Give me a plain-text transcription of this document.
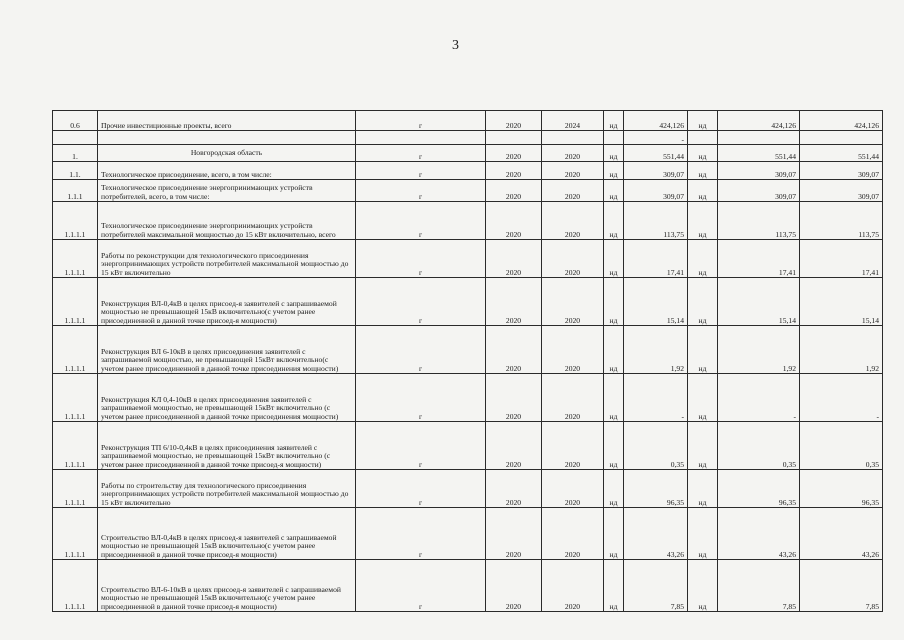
3
0.6	Прочие инвестиционные проекты, всего	г	2020	2024	нд	424,126	нд	424,126	424,126
						-			
1.	Новгородская область	г	2020	2020	нд	551,44	нд	551,44	551,44
1.1.	Технологическое присоединение, всего, в том числе:	г	2020	2020	нд	309,07	нд	309,07	309,07
1.1.1	Технологическое присоединение энергопринимающих устройств потребителей, всего, в том числе:	г	2020	2020	нд	309,07	нд	309,07	309,07
1.1.1.1	Технологическое присоединение энергопринимающих устройств потребителей максимальной мощностью до 15 кВт включительно, всего	г	2020	2020	нд	113,75	нд	113,75	113,75
1.1.1.1	Работы по реконструкции для технологического присоединения энергопринимающих устройств потребителей максимальной мощностью до 15 кВт включительно	г	2020	2020	нд	17,41	нд	17,41	17,41
1.1.1.1	Реконструкция ВЛ-0,4кВ в целях присоед-я заявителей с запрашиваемой мощностью не превышающей 15кВ включительно(с учетом ранее присоединенной в данной точке присоед-я мощности)	г	2020	2020	нд	15,14	нд	15,14	15,14
1.1.1.1	Реконструкция ВЛ 6-10кВ в целях присоединения заявителей с запрашиваемой мощностью, не превышающей 15кВт включительно(с учетом ранее присоединенной в данной точке присоединения мощности)	г	2020	2020	нд	1,92	нд	1,92	1,92
1.1.1.1	Реконструкция КЛ 0,4-10кВ в целях присоединения заявителей с запрашиваемой мощностью, не превышающей 15кВт включительно (с учетом ранее присоединенной в данной точке присоединения мощности)	г	2020	2020	нд	-	нд	-	-
1.1.1.1	Реконструкция ТП 6/10-0,4кВ в целях присоединения заявителей с запрашиваемой мощностью, не превышающей 15кВт включительно (с учетом ранее присоединенной в данной точке присоед-я мощности)	г	2020	2020	нд	0,35	нд	0,35	0,35
1.1.1.1	Работы по строительству для технологического присоединения энергопринимающих устройств потребителей максимальной мощностью до 15 кВт включительно	г	2020	2020	нд	96,35	нд	96,35	96,35
1.1.1.1	Строительство ВЛ-0,4кВ в целях присоед-я заявителей с запрашиваемой мощностью не превышающей 15кВ включительно(с учетом ранее присоединенной в данной точке присоед-я мощности)	г	2020	2020	нд	43,26	нд	43,26	43,26
1.1.1.1	Строительство ВЛ-6-10кВ в целях присоед-я заявителей с запрашиваемой мощностью не превышающей 15кВ включительно(с учетом ранее присоединенной в данной точке присоед-я мощности)	г	2020	2020	нд	7,85	нд	7,85	7,85
